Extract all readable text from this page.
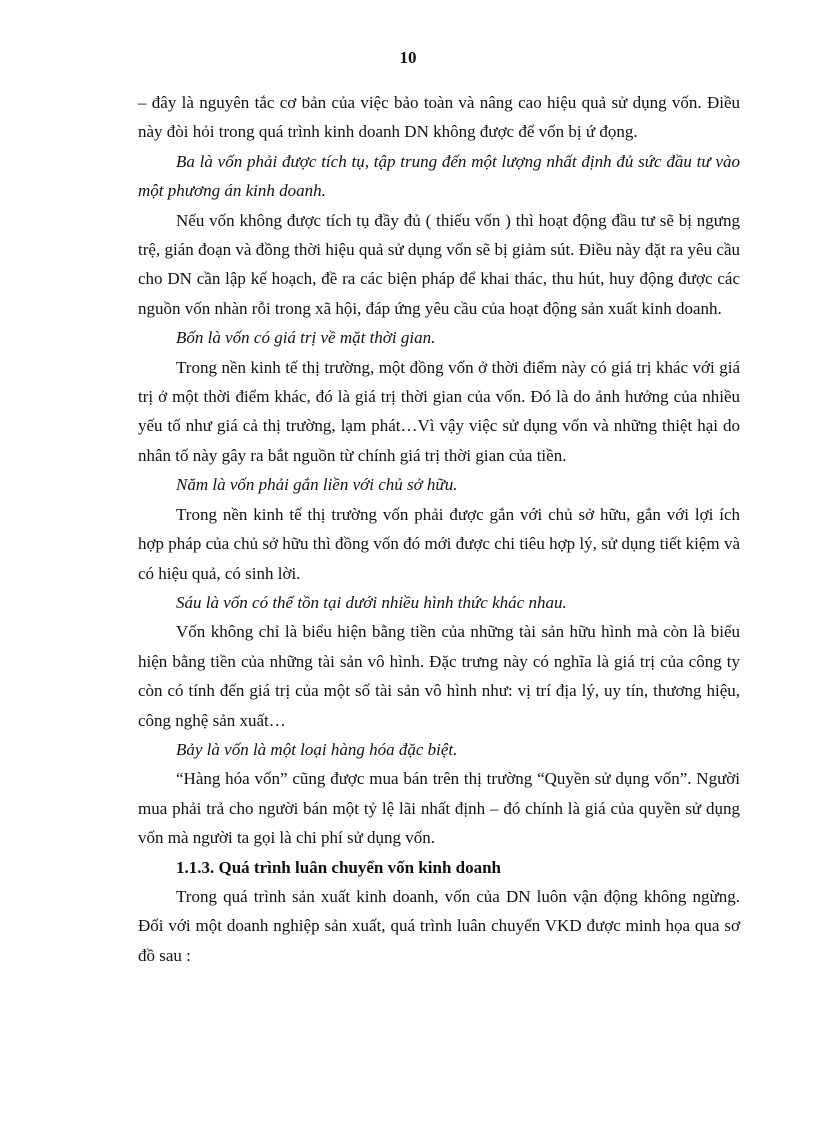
10

– đây là nguyên tắc cơ bản của việc bảo toàn và nâng cao hiệu quả sử dụng vốn. Điều này đòi hỏi trong quá trình kinh doanh DN không được để vốn bị ứ đọng.

Ba là vốn phải được tích tụ, tập trung đến một lượng nhất định đủ sức đầu tư vào một phương án kinh doanh.

Nếu vốn không được tích tụ đầy đủ ( thiếu vốn ) thì hoạt động đầu tư sẽ bị ngưng trệ, gián đoạn và đồng thời hiệu quả sử dụng vốn sẽ bị giảm sút. Điều này đặt ra yêu cầu cho DN cần lập kế hoạch, đề ra các biện pháp để khai thác, thu hút, huy động được các nguồn vốn nhàn rỗi trong xã hội, đáp ứng yêu cầu của hoạt động sản xuất kinh doanh.

Bốn là vốn có giá trị về mặt thời gian.

Trong nền kinh tế thị trường, một đồng vốn ở thời điểm này có giá trị khác với giá trị ở một thời điểm khác, đó là giá trị thời gian của vốn. Đó là do ảnh hưởng của nhiều yếu tố như giá cả thị trường, lạm phát…Vì vậy việc sử dụng vốn và những thiệt hại do nhân tố này gây ra bắt nguồn từ chính giá trị thời gian của tiền.

Năm là vốn phải gắn liền với chủ sở hữu.

Trong nền kinh tế thị trường vốn phải được gắn với chủ sở hữu, gắn với lợi ích hợp pháp của chủ sở hữu thì đồng vốn đó mới được chi tiêu hợp lý, sử dụng tiết kiệm và có hiệu quả, có sinh lời.

Sáu là vốn có thể tồn tại dưới nhiều hình thức khác nhau.

Vốn không chỉ là biểu hiện bằng tiền của những tài sản hữu hình mà còn là biểu hiện bằng tiền của những tài sản vô hình. Đặc trưng này có nghĩa là giá trị của công ty còn có tính đến giá trị của một số tài sản vô hình như: vị trí địa lý, uy tín, thương hiệu, công nghệ sản xuất…

Bảy là vốn là một loại hàng hóa đặc biệt.

“Hàng hóa vốn” cũng được mua bán trên thị trường “Quyền sử dụng vốn”. Người mua phải trả cho người bán một tỷ lệ lãi nhất định – đó chính là giá của quyền sử dụng vốn mà người ta gọi là chi phí sử dụng vốn.

1.1.3. Quá trình luân chuyển vốn kinh doanh

Trong quá trình sản xuất kinh doanh, vốn của DN luôn vận động không ngừng. Đối với một doanh nghiệp sản xuất, quá trình luân chuyển VKD được minh họa qua sơ đồ sau :
